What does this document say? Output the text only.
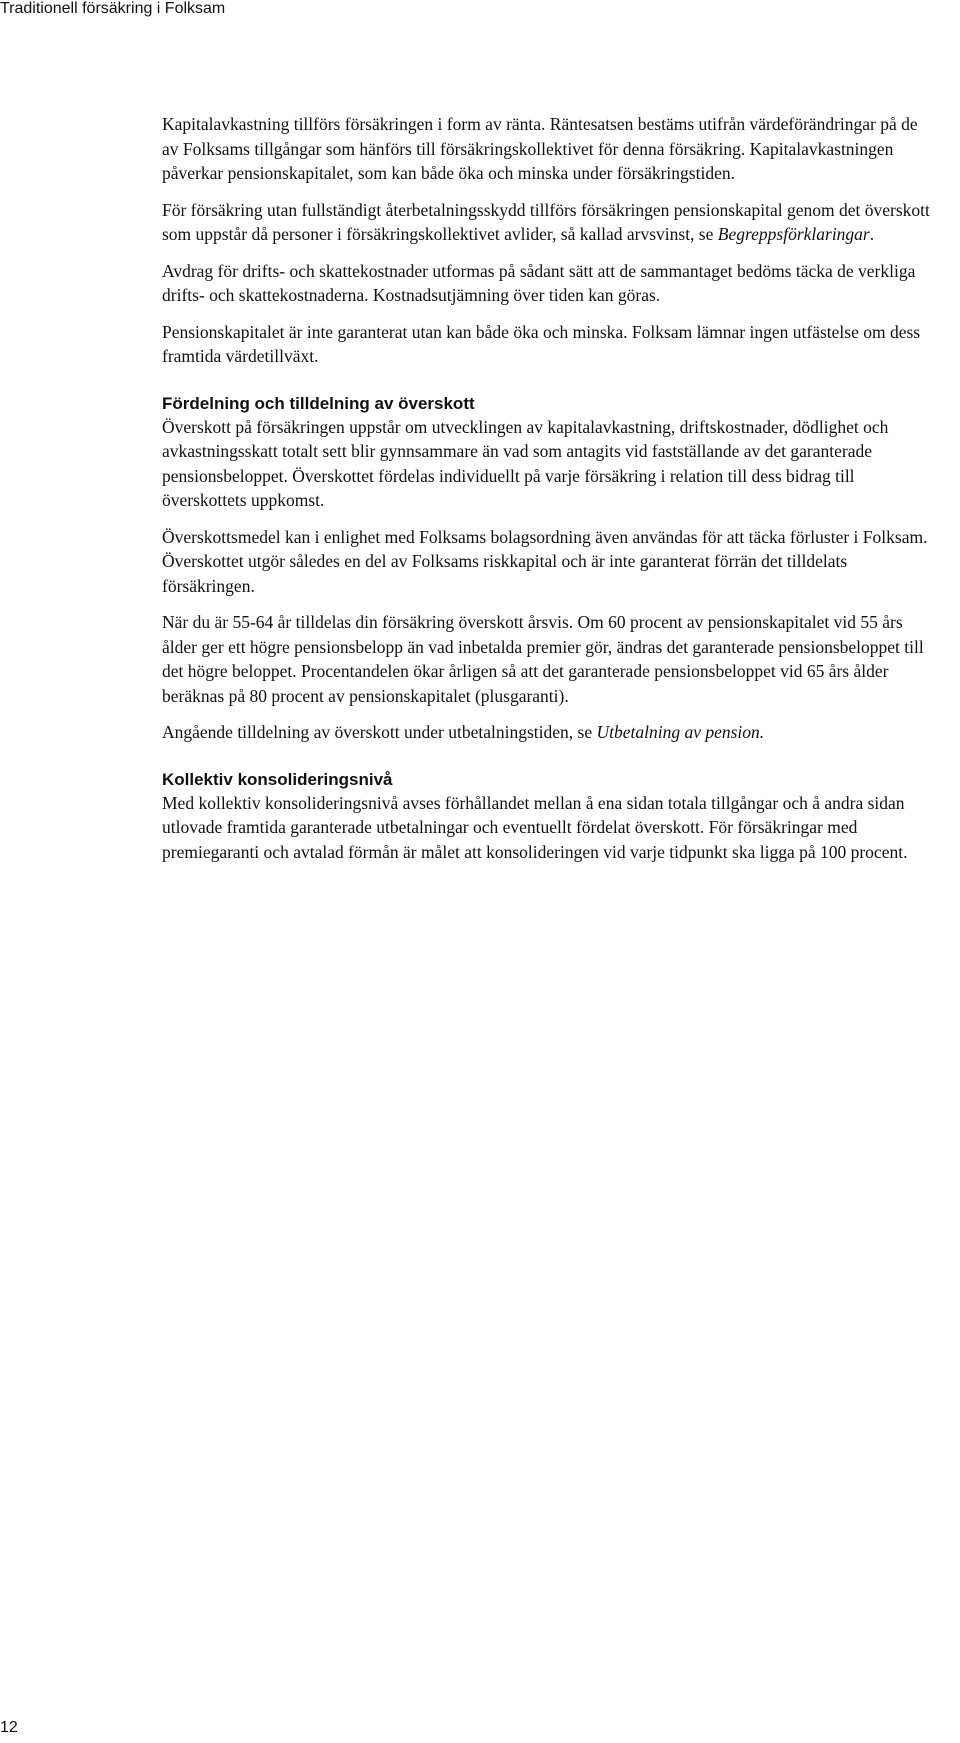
Traditionell försäkring i Folksam

Kapitalavkastning tillförs försäkringen i form av ränta. Räntesatsen bestäms utifrån värdeförändringar på de av Folksams tillgångar som hänförs till försäkringskollektivet för denna försäkring. Kapitalavkastningen påverkar pensionskapitalet, som kan både öka och minska under försäkringstiden.

För försäkring utan fullständigt återbetalningsskydd tillförs försäkringen pensionskapital genom det överskott som uppstår då personer i försäkringskollektivet avlider, så kallad arvsvinst, se Begreppsförklaringar.

Avdrag för drifts- och skattekostnader utformas på sådant sätt att de sammantaget bedöms täcka de verkliga drifts- och skattekostnaderna. Kostnadsutjämning över tiden kan göras.

Pensionskapitalet är inte garanterat utan kan både öka och minska. Folksam lämnar ingen utfästelse om dess framtida värdetillväxt.

Fördelning och tilldelning av överskott

Överskott på försäkringen uppstår om utvecklingen av kapitalavkastning, driftskostnader, dödlighet och avkastningsskatt totalt sett blir gynnsammare än vad som antagits vid fastställande av det garanterade pensionsbeloppet. Överskottet fördelas individuellt på varje försäkring i relation till dess bidrag till överskottets uppkomst.

Överskottsmedel kan i enlighet med Folksams bolagsordning även användas för att täcka förluster i Folksam. Överskottet utgör således en del av Folksams riskkapital och är inte garanterat förrän det tilldelats försäkringen.

När du är 55-64 år tilldelas din försäkring överskott årsvis. Om 60 procent av pensionskapitalet vid 55 års ålder ger ett högre pensionsbelopp än vad inbetalda premier gör, ändras det garanterade pensionsbeloppet till det högre beloppet. Procentandelen ökar årligen så att det garanterade pensionsbeloppet vid 65 års ålder beräknas på 80 procent av pensionskapitalet (plusgaranti).

Angående tilldelning av överskott under utbetalningstiden, se Utbetalning av pension.

Kollektiv konsolideringsnivå

Med kollektiv konsolideringsnivå avses förhållandet mellan å ena sidan totala tillgångar och å andra sidan utlovade framtida garanterade utbetalningar och eventuellt fördelat överskott. För försäkringar med premiegaranti och avtalad förmån är målet att konsolideringen vid varje tidpunkt ska ligga på 100 procent.

12
